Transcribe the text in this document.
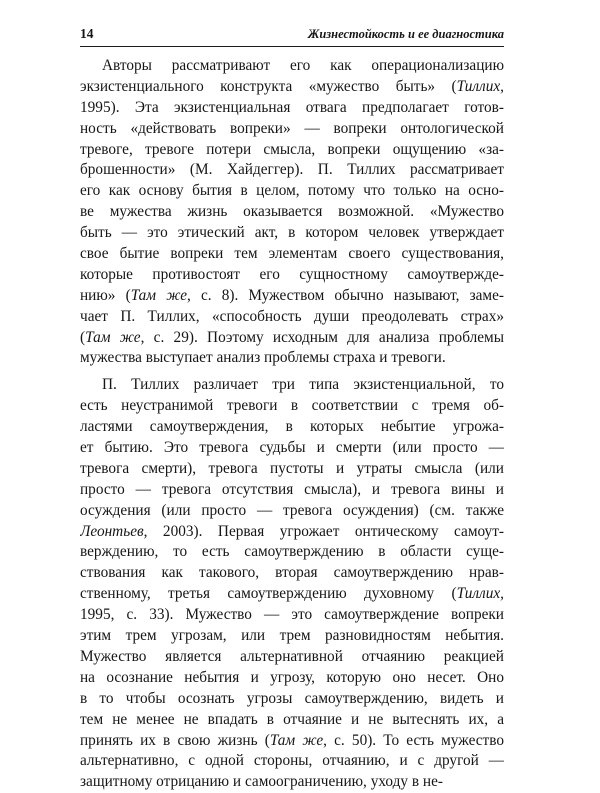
14	Жизнестойкость и ее диагностика
Авторы рассматривают его как операционализацию
экзистенциального конструкта «мужество быть» (Тиллих,
1995). Эта экзистенциальная отвага предполагает готов-
ность «действовать вопреки» — вопреки онтологической
тревоге, тревоге потери смысла, вопреки ощущению «за-
брошенности» (М. Хайдеггер). П. Тиллих рассматривает
его как основу бытия в целом, потому что только на осно-
ве мужества жизнь оказывается возможной. «Мужество
быть — это этический акт, в котором человек утверждает
свое бытие вопреки тем элементам своего существования,
которые противостоят его сущностному самоутвержде-
нию» (Там же, с. 8). Мужеством обычно называют, заме-
чает П. Тиллих, «способность души преодолевать страх»
(Там же, с. 29). Поэтому исходным для анализа проблемы
мужества выступает анализ проблемы страха и тревоги.
П. Тиллих различает три типа экзистенциальной, то
есть неустранимой тревоги в соответствии с тремя об-
ластями самоутверждения, в которых небытие угрожа-
ет бытию. Это тревога судьбы и смерти (или просто —
тревога смерти), тревога пустоты и утраты смысла (или
просто — тревога отсутствия смысла), и тревога вины и
осуждения (или просто — тревога осуждения) (см. также
Леонтьев, 2003). Первая угрожает онтическому самоут-
верждению, то есть самоутверждению в области суще-
ствования как такового, вторая самоутверждению нрав-
ственному, третья самоутверждению духовному (Тиллих,
1995, с. 33). Мужество — это самоутверждение вопреки
этим трем угрозам, или трем разновидностям небытия.
Мужество является альтернативной отчаянию реакцией
на осознание небытия и угрозу, которую оно несет. Оно
в то чтобы осознать угрозы самоутверждению, видеть и
тем не менее не впадать в отчаяние и не вытеснять их, а
принять их в свою жизнь (Там же, с. 50). То есть мужество
альтернативно, с одной стороны, отчаянию, и с другой —
защитному отрицанию и самоограничению, уходу в не-
